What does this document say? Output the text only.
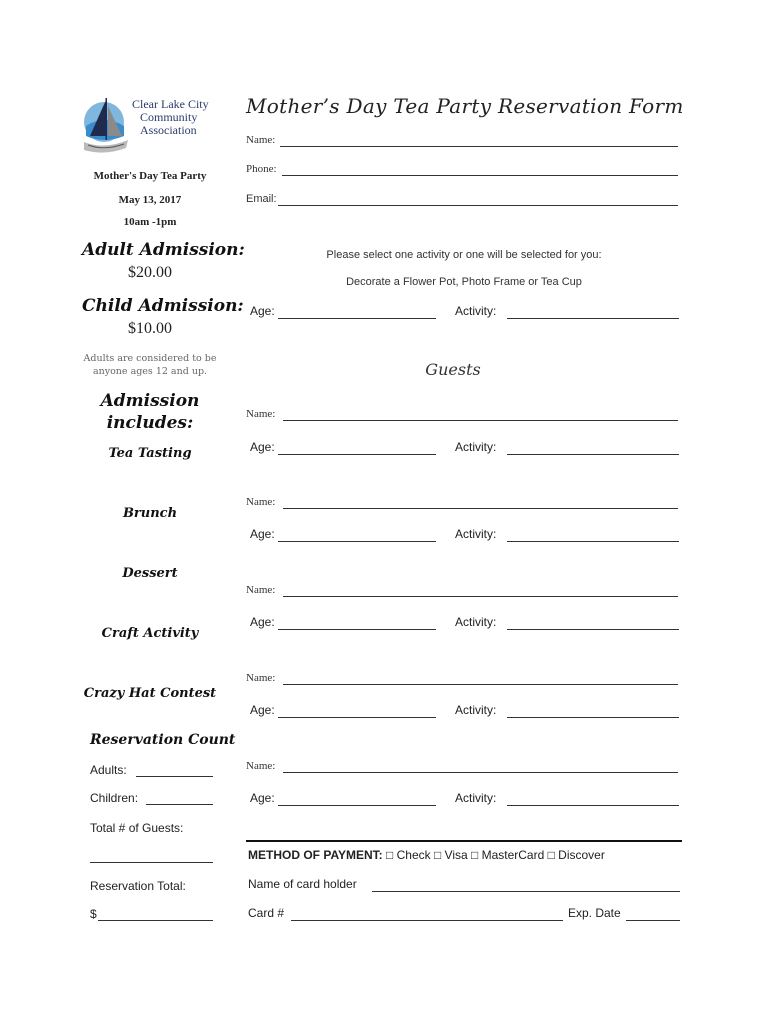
Clear Lake City
Community
Association
Mother's Day Tea Party
May 13, 2017
10am -1pm
Adult Admission:
$20.00
Child Admission:
$10.00
Adults are considered to be
anyone ages 12 and up.
Admission
includes:
Tea Tasting
Brunch
Dessert
Craft Activity
Crazy Hat Contest
Reservation Count
Adults:
Children:
Total # of Guests:
Reservation Total:
$
Mother’s Day Tea Party Reservation Form
Name:
Phone:
Email:
Please select one activity or one will be selected for you:
Decorate a Flower Pot, Photo Frame or Tea Cup
Age:	Activity:
Guests
Name:
Age:	Activity:
Name:
Age:	Activity:
Name:
Age:	Activity:
Name:
Age:	Activity:
Name:
Age:	Activity:
METHOD OF PAYMENT: □ Check □ Visa □ MasterCard □ Discover
Name of card holder
Card #	Exp. Date
